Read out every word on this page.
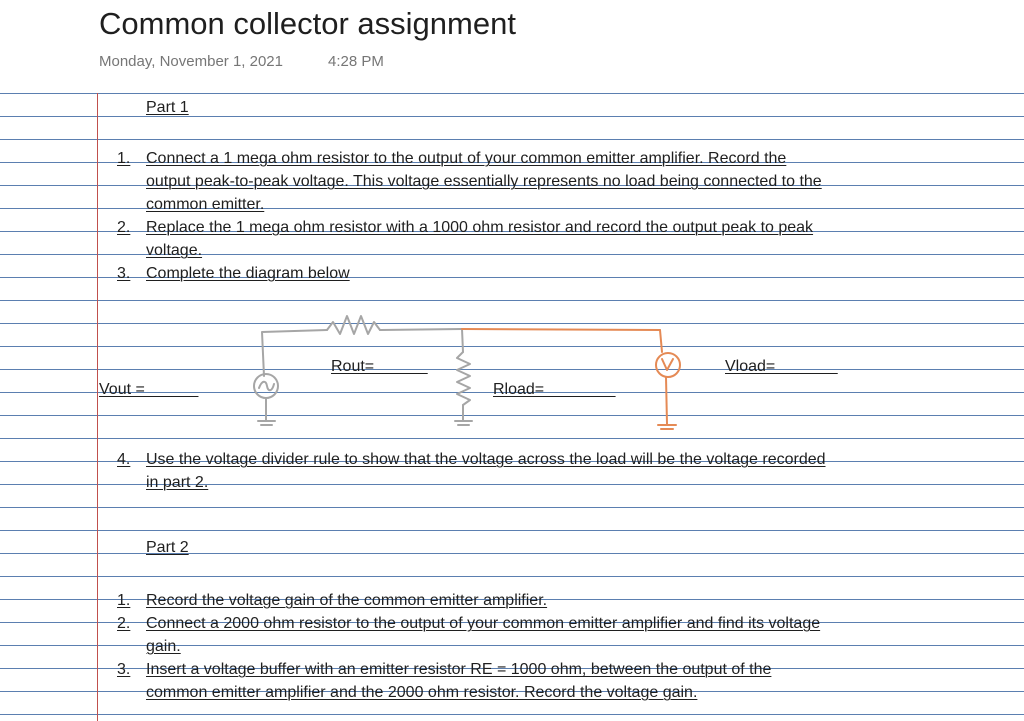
Common collector assignment
Monday, November 1, 2021	4:28 PM
Part 1
1. Connect a 1 mega ohm resistor to the output of your common emitter amplifier. Record the
output peak-to-peak voltage. This voltage essentially represents no load being connected to the
common emitter.
2. Replace the 1 mega ohm resistor with a 1000 ohm resistor and record the output peak to peak
voltage.
3. Complete the diagram below
Rout=______	Vload=_______
Vout =______	Rload=________
4. Use the voltage divider rule to show that the voltage across the load will be the voltage recorded
in part 2.
Part 2
1. Record the voltage gain of the common emitter amplifier.
2. Connect a 2000 ohm resistor to the output of your common emitter amplifier and find its voltage
gain.
3. Insert a voltage buffer with an emitter resistor RE = 1000 ohm, between the output of the
common emitter amplifier and the 2000 ohm resistor. Record the voltage gain.
